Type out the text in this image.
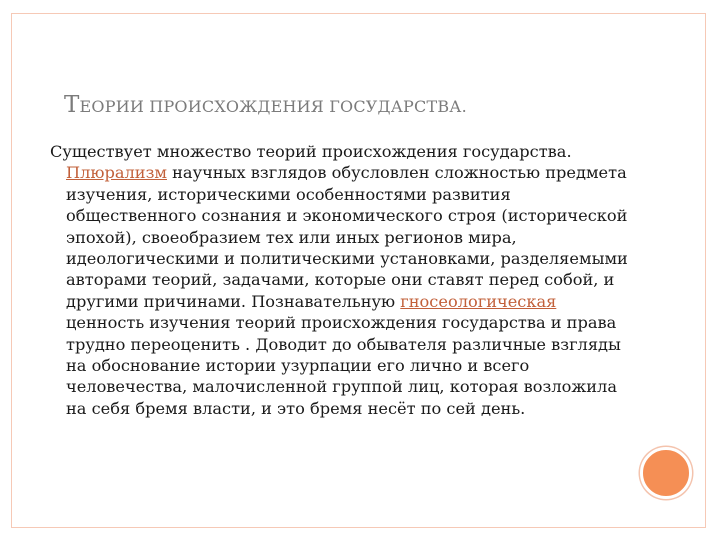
ТЕОРИИ ПРОИСХОЖДЕНИЯ ГОСУДАРСТВА.

Существует множество теорий происхождения государства. Плюрализм научных взглядов обусловлен сложностью предмета изучения, историческими особенностями развития общественного сознания и экономического строя (исторической эпохой), своеобразием тех или иных регионов мира, идеологическими и политическими установками, разделяемыми авторами теорий, задачами, которые они ставят перед собой, и другими причинами. Познавательную гносеологическая ценность изучения теорий происхождения государства и права трудно переоценить . Доводит до обывателя различные взгляды на обоснование истории узурпации его лично и всего человечества, малочисленной группой лиц, которая возложила на себя бремя власти, и это бремя несёт по сей день.
